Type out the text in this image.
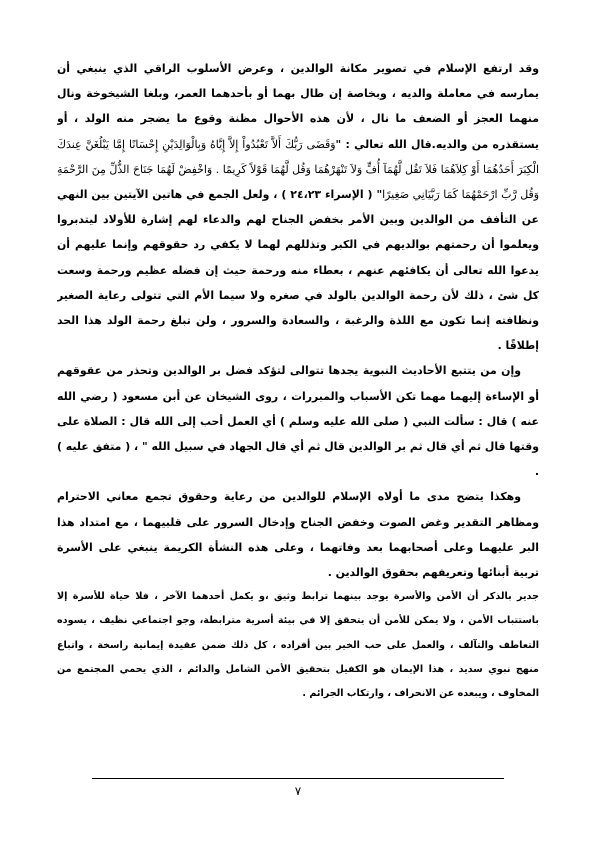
وقد ارتفع الإسلام في تصوير مكانة الوالدين ، وعرض الأسلوب الراقي الذي ينبغي أن يمارسه في معاملة والديه ، وبخاصة إن طال بهما أو بأحدهما العمر، وبلغا الشيخوخة ونال منهما العجز أو الضعف ما نال ، لأن هذه الأحوال مظنة وقوع ما يضجر منه الولد ، أو يستقذره من والديه.قال الله تعالي : "وَقَضَى رَبُّكَ أَلاَّ تَعْبُدُواْ إِلاَّ إِيَّاهُ وَبِالْوَالِدَيْنِ إِحْسَانًا إِمَّا يَبْلُغَنَّ عِندَكَ الْكِبَرَ أَحَدُهُمَا أَوْ كِلاَهُمَا فَلاَ تَقُل لَّهُمَآ أُفٍّ وَلاَ تَنْهَرْهُمَا وَقُل لَّهُمَا قَوْلاً كَرِيمًا . وَاخْفِضْ لَهُمَا جَنَاحَ الذُّلِّ مِنَ الرَّحْمَةِ وَقُل رَّبِّ ارْحَمْهُمَا كَمَا رَبَّيَانِي صَغِيرًا" ( الإسراء ٢٤،٢٣ ) ، ولعل الجمع في هاتين الآيتين بين النهي عن التأفف من الوالدين وبين الأمر بخفض الجناح لهم والدعاء لهم إشارة للأولاد ليتدبروا ويعلموا أن رحمتهم بوالديهم في الكبر وتذللهم لهما لا يكفي رد حقوقهم وإنما عليهم أن يدعوا الله تعالى أن يكافئهم عنهم ، بعطاء منه ورحمة حيث إن فضله عظيم ورحمة وسعت كل شئ ، ذلك لأن رحمة الوالدين بالولد في صغره ولا سيما الأم التي تتولى رعاية الصغير ونظافته إنما تكون مع اللذة والرغبة ، والسعادة والسرور ، ولن تبلغ رحمة الولد هذا الحد إطلاقًا .

وإن من يتتبع الأحاديث النبوية يجدها تتوالى لتؤكد فضل بر الوالدين وتحذر من عقوقهم أو الإساءة إليهما مهما تكن الأسباب والمبررات ، روى الشيخان عن أبن مسعود ( رضي الله عنه ) قال : سألت النبي ( صلى الله عليه وسلم ) أي العمل أحب إلى الله قال : الصلاة على وقتها قال ثم أي قال ثم بر الوالدين قال ثم أي قال الجهاد في سبيل الله " ، ( متفق عليه ) .

وهكذا يتضح مدى ما أولاه الإسلام للوالدين من رعاية وحقوق تجمع معاني الاحترام ومظاهر التقدير وغض الصوت وخفض الجناح وإدخال السرور على قلبيهما ، مع امتداد هذا البر عليهما وعلى أصحابهما بعد وفاتهما ، وعلى هذه النشأة الكريمة ينبغي على الأسرة تربية أبنائها وتعريفهم بحقوق الوالدين .

جدير بالذكر أن الأمن والأسرة يوجد بينهما ترابط وثيق ،و يكمل أحدهما الآخر ، فلا حياة للأسرة إلا باستتباب الأمن ، ولا يمكن للأمن أن يتحقق إلا في بيئة أسرية مترابطة، وجو اجتماعي نظيف ، يسوده التعاطف والتآلف ، والعمل على حب الخير بين أفراده ، كل ذلك ضمن عقيدة إيمانية راسخة ، واتباع منهج نبوي سديد ، هذا الإيمان هو الكفيل بتحقيق الأمن الشامل والدائم ، الذي يحمي المجتمع من المخاوف ، ويبعده عن الانحراف ، وارتكاب الجرائم .

٧
